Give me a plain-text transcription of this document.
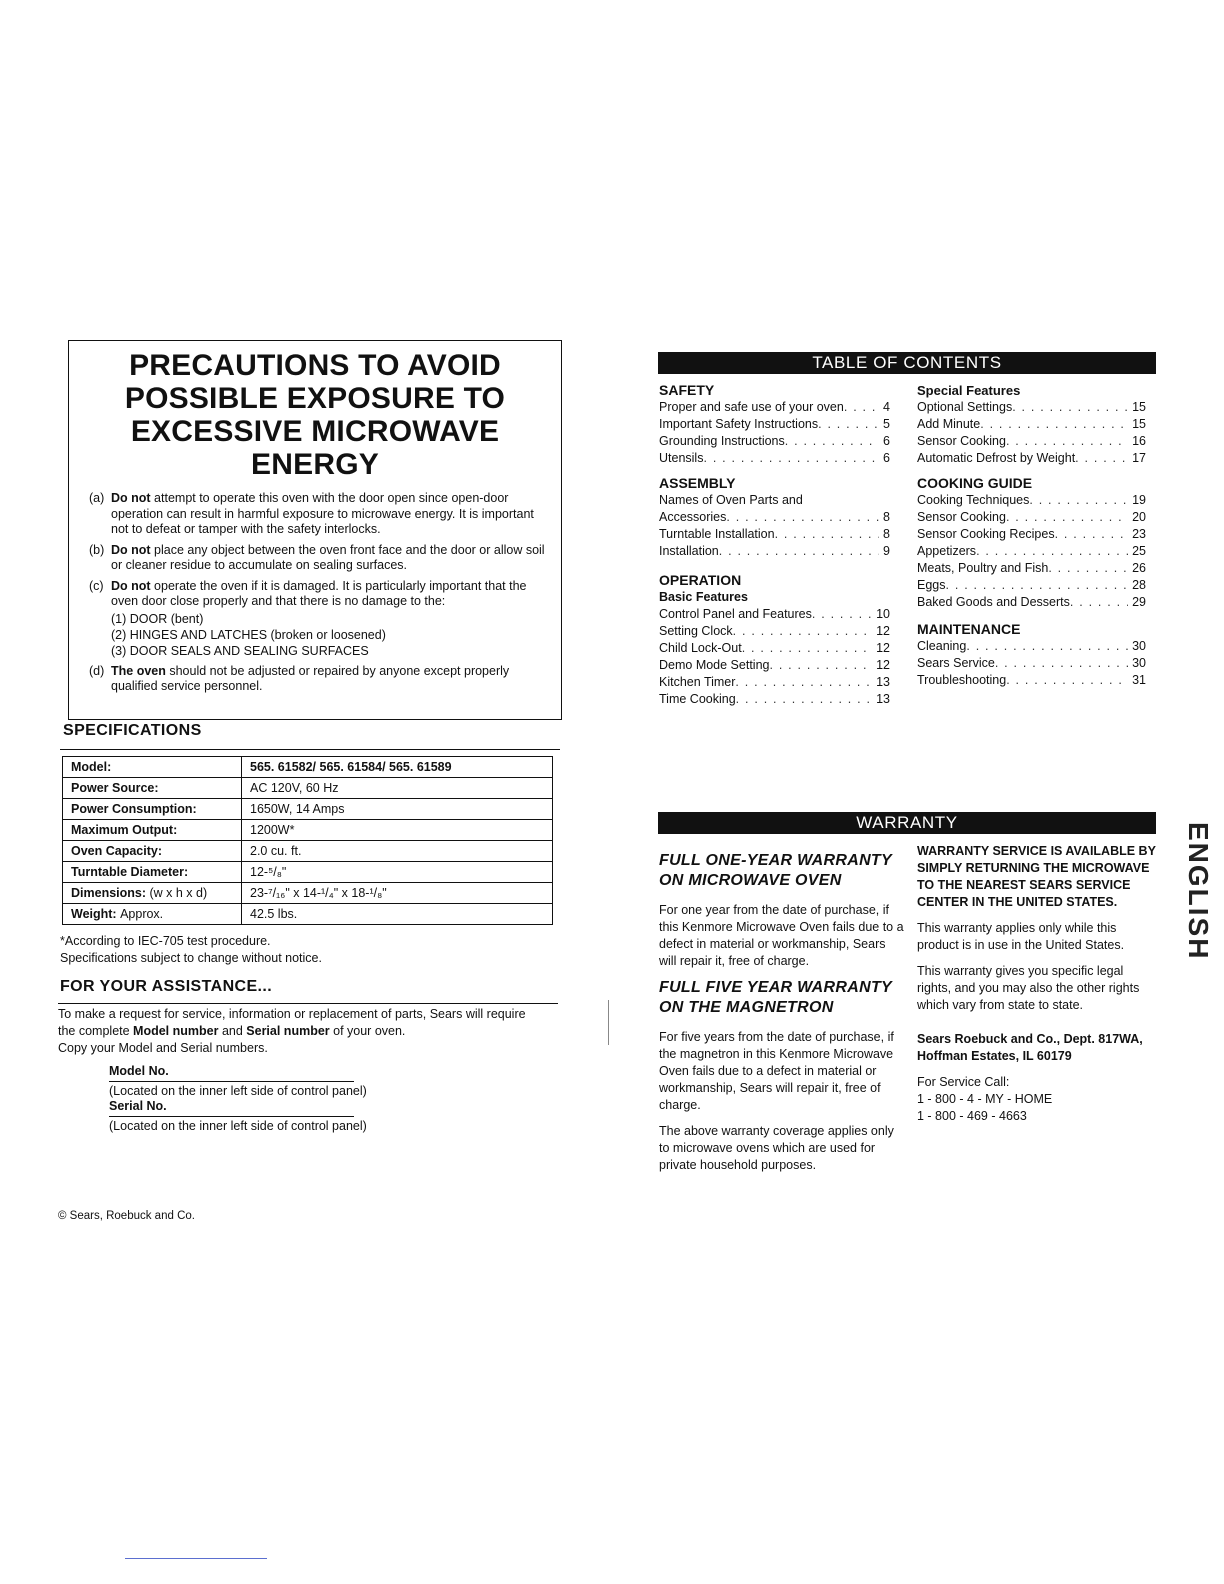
PRECAUTIONS TO AVOID
POSSIBLE EXPOSURE TO
EXCESSIVE MICROWAVE
ENERGY
(a) Do not attempt to operate this oven with the door open since open-door operation can result in harmful exposure to microwave energy. It is important not to defeat or tamper with the safety interlocks.
(b) Do not place any object between the oven front face and the door or allow soil or cleaner residue to accumulate on sealing surfaces.
(c) Do not operate the oven if it is damaged. It is particularly important that the oven door close properly and that there is no damage to the:
(1) DOOR (bent)
(2) HINGES AND LATCHES (broken or loosened)
(3) DOOR SEALS AND SEALING SURFACES
(d) The oven should not be adjusted or repaired by anyone except properly qualified service personnel.
SPECIFICATIONS
Model:	565. 61582/ 565. 61584/ 565. 61589
Power Source:	AC 120V, 60 Hz
Power Consumption:	1650W, 14 Amps
Maximum Output:	1200W*
Oven Capacity:	2.0 cu. ft.
Turntable Diameter:	12-⁵/₈"
Dimensions: (w x h x d)	23-⁷/₁₆" x 14-¹/₄" x 18-¹/₈"
Weight: Approx.	42.5 lbs.
*According to IEC-705 test procedure.
Specifications subject to change without notice.
FOR YOUR ASSISTANCE...
To make a request for service, information or replacement of parts, Sears will require the complete Model number and Serial number of your oven.
Copy your Model and Serial numbers.
Model No.
(Located on the inner left side of control panel)
Serial No.
(Located on the inner left side of control panel)
© Sears, Roebuck and Co.
TABLE OF CONTENTS
SAFETY
Proper and safe use of your oven . . .	4
Important Safety Instructions . . .	5
Grounding Instructions . . .	6
Utensils . . .	6
ASSEMBLY
Names of Oven Parts and
Accessories . . .	8
Turntable Installation . . .	8
Installation . . .	9
OPERATION
Basic Features
Control Panel and Features . . .	10
Setting Clock . . .	12
Child Lock-Out . . .	12
Demo Mode Setting . . .	12
Kitchen Timer . . .	13
Time Cooking . . .	13
Special Features
Optional Settings . . .	15
Add Minute . . .	15
Sensor Cooking . . .	16
Automatic Defrost by Weight . . .	17
COOKING GUIDE
Cooking Techniques . . .	19
Sensor Cooking . . .	20
Sensor Cooking Recipes . . .	23
Appetizers . . .	25
Meats, Poultry and Fish . . .	26
Eggs . . .	28
Baked Goods and Desserts . . .	29
MAINTENANCE
Cleaning . . .	30
Sears Service . . .	30
Troubleshooting . . .	31
WARRANTY
FULL ONE-YEAR WARRANTY ON MICROWAVE OVEN
For one year from the date of purchase, if this Kenmore Microwave Oven fails due to a defect in material or workmanship, Sears will repair it, free of charge.
FULL FIVE YEAR WARRANTY ON THE MAGNETRON
For five years from the date of purchase, if the magnetron in this Kenmore Microwave Oven fails due to a defect in material or workmanship, Sears will repair it, free of charge.
The above warranty coverage applies only to microwave ovens which are used for private household purposes.
WARRANTY SERVICE IS AVAILABLE BY SIMPLY RETURNING THE MICROWAVE TO THE NEAREST SEARS SERVICE CENTER IN THE UNITED STATES.
This warranty applies only while this product is in use in the United States.
This warranty gives you specific legal rights, and you may also the other rights which vary from state to state.
Sears Roebuck and Co., Dept. 817WA, Hoffman Estates, IL 60179
For Service Call:
1 - 800 - 4 - MY - HOME
1 - 800 - 469 - 4663
ENGLISH
